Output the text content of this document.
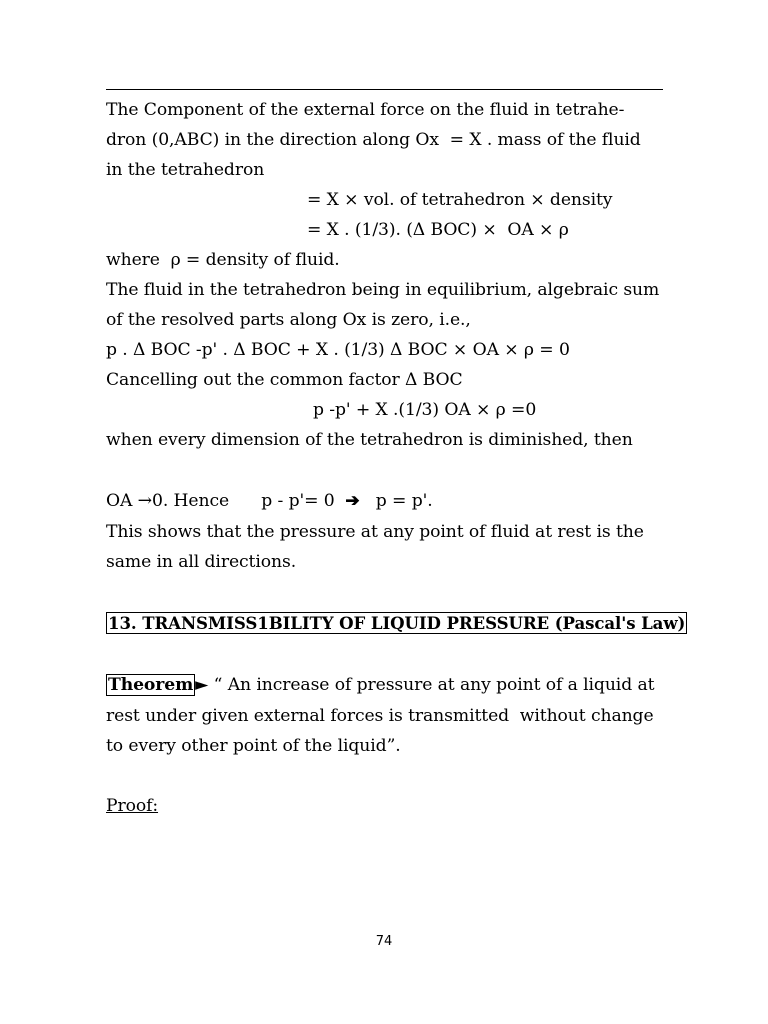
The Component of the external force on the fluid in tetrahe-
dron (0,ABC) in the direction along Ox  = X . mass of the fluid
in the tetrahedron
= X × vol. of tetrahedron × density
= X . (1/3). (Δ BOC) ×  OA × ρ
where  ρ = density of fluid.
The fluid in the tetrahedron being in equilibrium, algebraic sum
of the resolved parts along Ox is zero, i.e.,
p . Δ BOC -p' . Δ BOC + X . (1/3) Δ BOC × OA × ρ = 0
Cancelling out the common factor Δ BOC
p -p' + X .(1/3) OA × ρ =0
when every dimension of the tetrahedron is diminished, then
OA →0. Hence      p - p'= 0  ➔   p = p'.
This shows that the pressure at any point of fluid at rest is the
same in all directions.
13. TRANSMISS1BILITY OF LIQUID PRESSURE (Pascal's Law)
Theorem ► “ An increase of pressure at any point of a liquid at
rest under given external forces is transmitted  without change
to every other point of the liquid”.
Proof:
74
